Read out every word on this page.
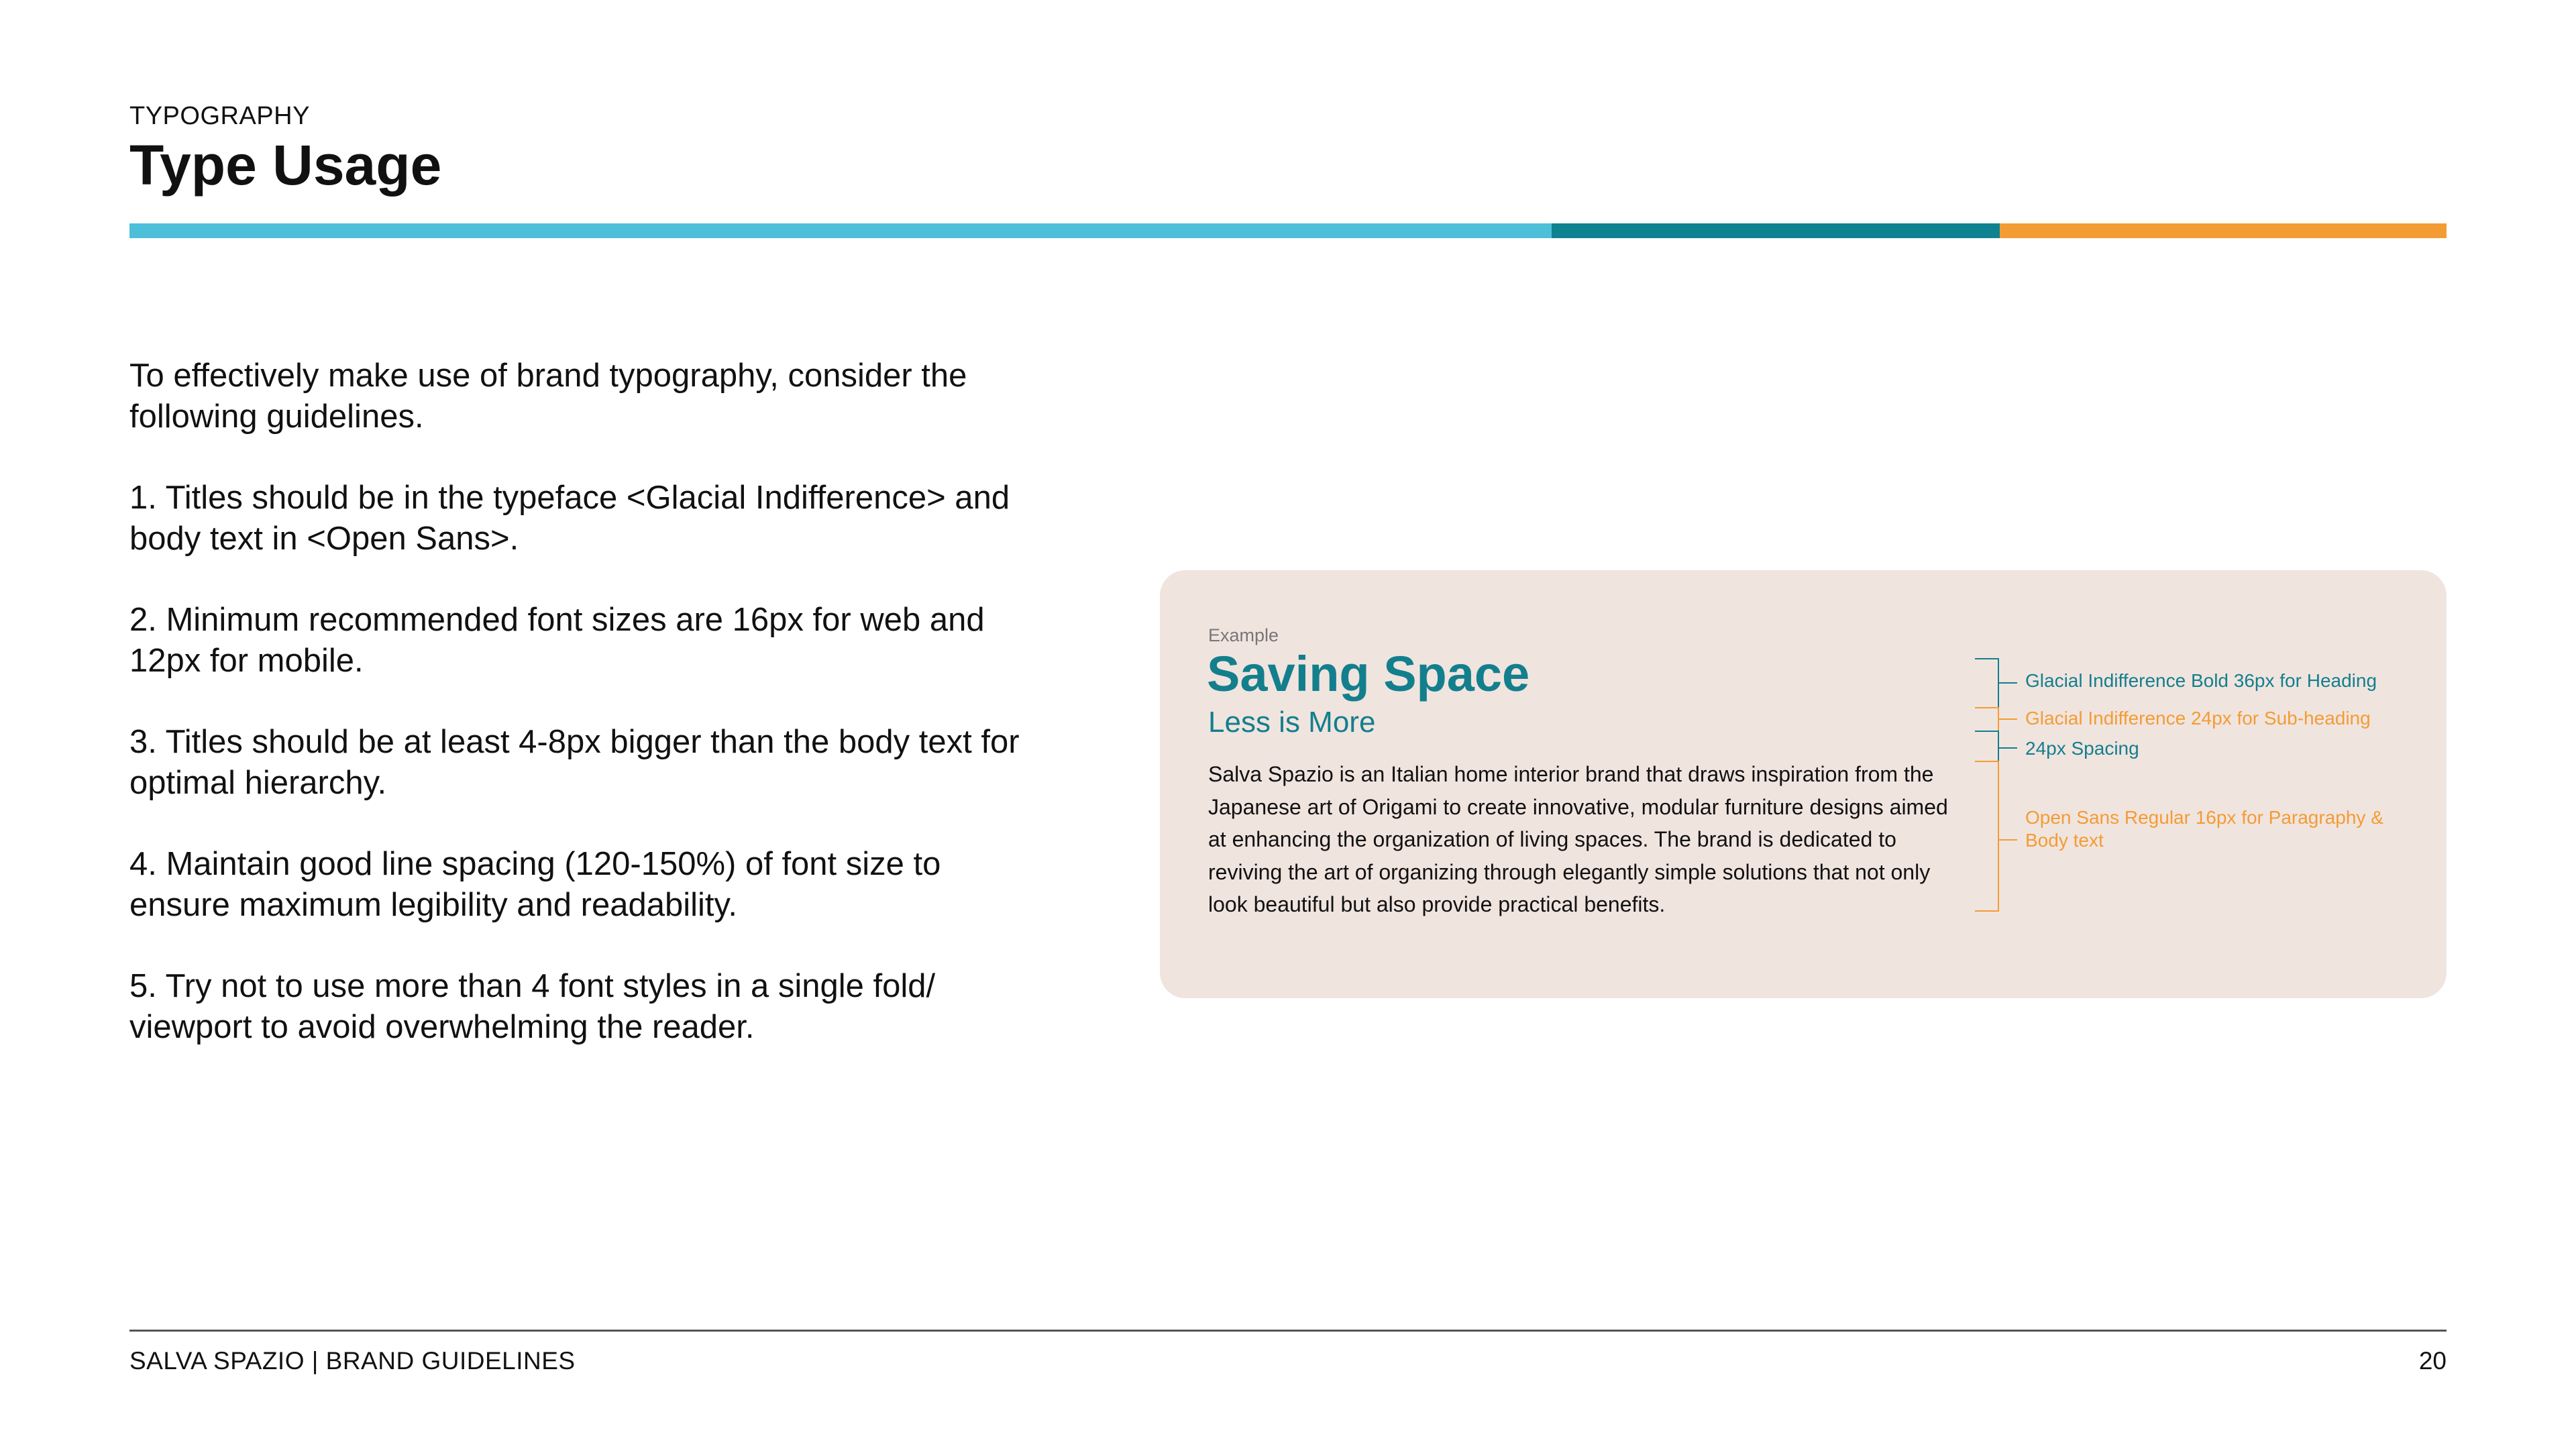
TYPOGRAPHY
Type Usage

To effectively make use of brand typography, consider the following guidelines.

1. Titles should be in the typeface <Glacial Indifference> and body text in <Open Sans>.
2. Minimum recommended font sizes are 16px for web and 12px for mobile.
3. Titles should be at least 4-8px bigger than the body text for optimal hierarchy.
4. Maintain good line spacing (120-150%) of font size to ensure maximum legibility and readability.
5. Try not to use more than 4 font styles in a single fold/ viewport to avoid overwhelming the reader.
Example
Saving Space
Less is More
Salva Spazio is an Italian home interior brand that draws inspiration from the Japanese art of Origami to create innovative, modular furniture designs aimed at enhancing the organization of living spaces. The brand is dedicated to reviving the art of organizing through elegantly simple solutions that not only look beautiful but also provide practical benefits.
Glacial Indifference Bold 36px for Heading
Glacial Indifference 24px for Sub-heading
24px Spacing
Open Sans Regular 16px for Paragraphy & Body text
SALVA SPAZIO | BRAND GUIDELINES	20
